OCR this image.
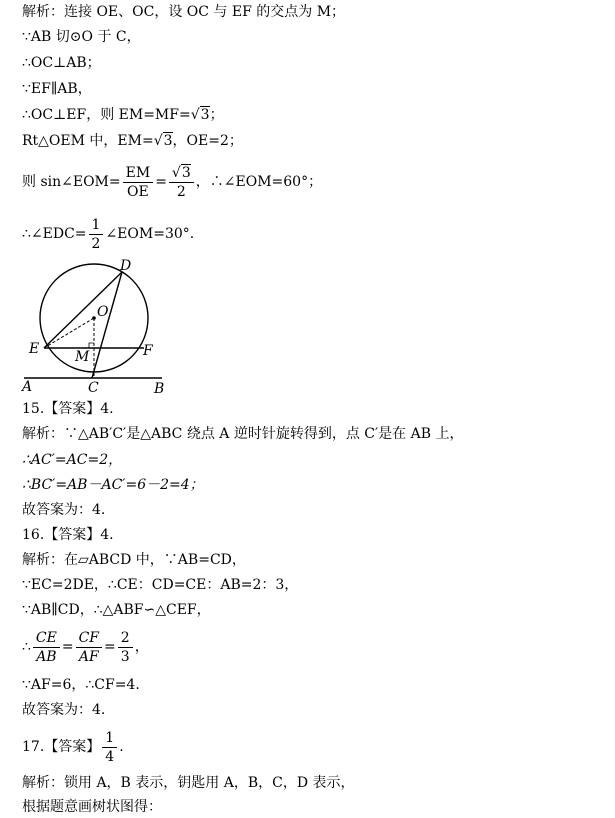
解析：连接 OE、OC，设 OC 与 EF 的交点为 M；
∵AB 切⊙O 于 C，
∴OC⊥AB；
∵EF∥AB，
∴OC⊥EF，则 EM=MF=√3；
Rt△OEM 中，EM=√3，OE=2；
则 sin∠EOM= $\frac{EM}{OE} = \frac{√3}{2}$ ，∴∠EOM=60°；
∴∠EDC= $\frac{1}{2}$ ∠EOM=30°.
D
O
E	M	F
A	C	B
15.【答案】4.
解析：∵△AB′C′是△ABC 绕点 A 逆时针旋转得到，点 C′是在 AB 上，
∴AC′=AC=2，
∴BC′=AB－AC′=6－2=4；
故答案为：4.
16.【答案】4.
解析：在▱ABCD 中，∵AB=CD，
∵EC=2DE，∴CE：CD=CE：AB=2：3，
∵AB∥CD，∴△ABF∽△CEF，
∴ $\frac{CE}{AB} = \frac{CF}{AF} = \frac{2}{3}$ ，
∵AF=6，∴CF=4.
故答案为：4.
17.【答案】 $\frac{1}{4}$ .
解析：锁用 A，B 表示，钥匙用 A，B，C，D 表示，
根据题意画树状图得：
